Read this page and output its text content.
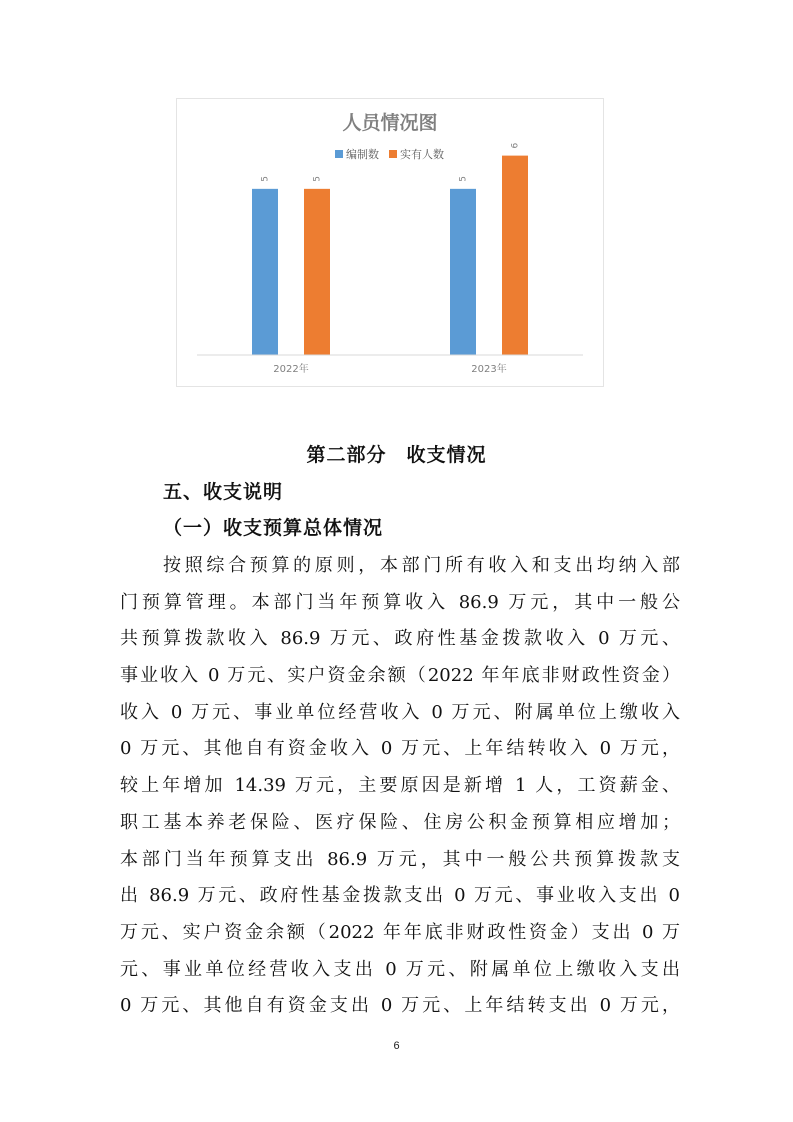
人员情况图
编制数 实有人数
5	5	5
6
2022年	2023年
第二部分　收支情况
五、收支说明
（一）收支预算总体情况
按照综合预算的原则，本部门所有收入和支出均纳入部
门预算管理。本部门当年预算收入 86.9 万元，其中一般公
共预算拨款收入 86.9 万元、政府性基金拨款收入 0 万元、
事业收入 0 万元、实户资金余额（2022 年年底非财政性资金）
收入 0 万元、事业单位经营收入 0 万元、附属单位上缴收入
0 万元、其他自有资金收入 0 万元、上年结转收入 0 万元，
较上年增加 14.39 万元，主要原因是新增 1 人，工资薪金、
职工基本养老保险、医疗保险、住房公积金预算相应增加；
本部门当年预算支出 86.9 万元，其中一般公共预算拨款支
出 86.9 万元、政府性基金拨款支出 0 万元、事业收入支出 0
万元、实户资金余额（2022 年年底非财政性资金）支出 0 万
元、事业单位经营收入支出 0 万元、附属单位上缴收入支出
0 万元、其他自有资金支出 0 万元、上年结转支出 0 万元，
6
